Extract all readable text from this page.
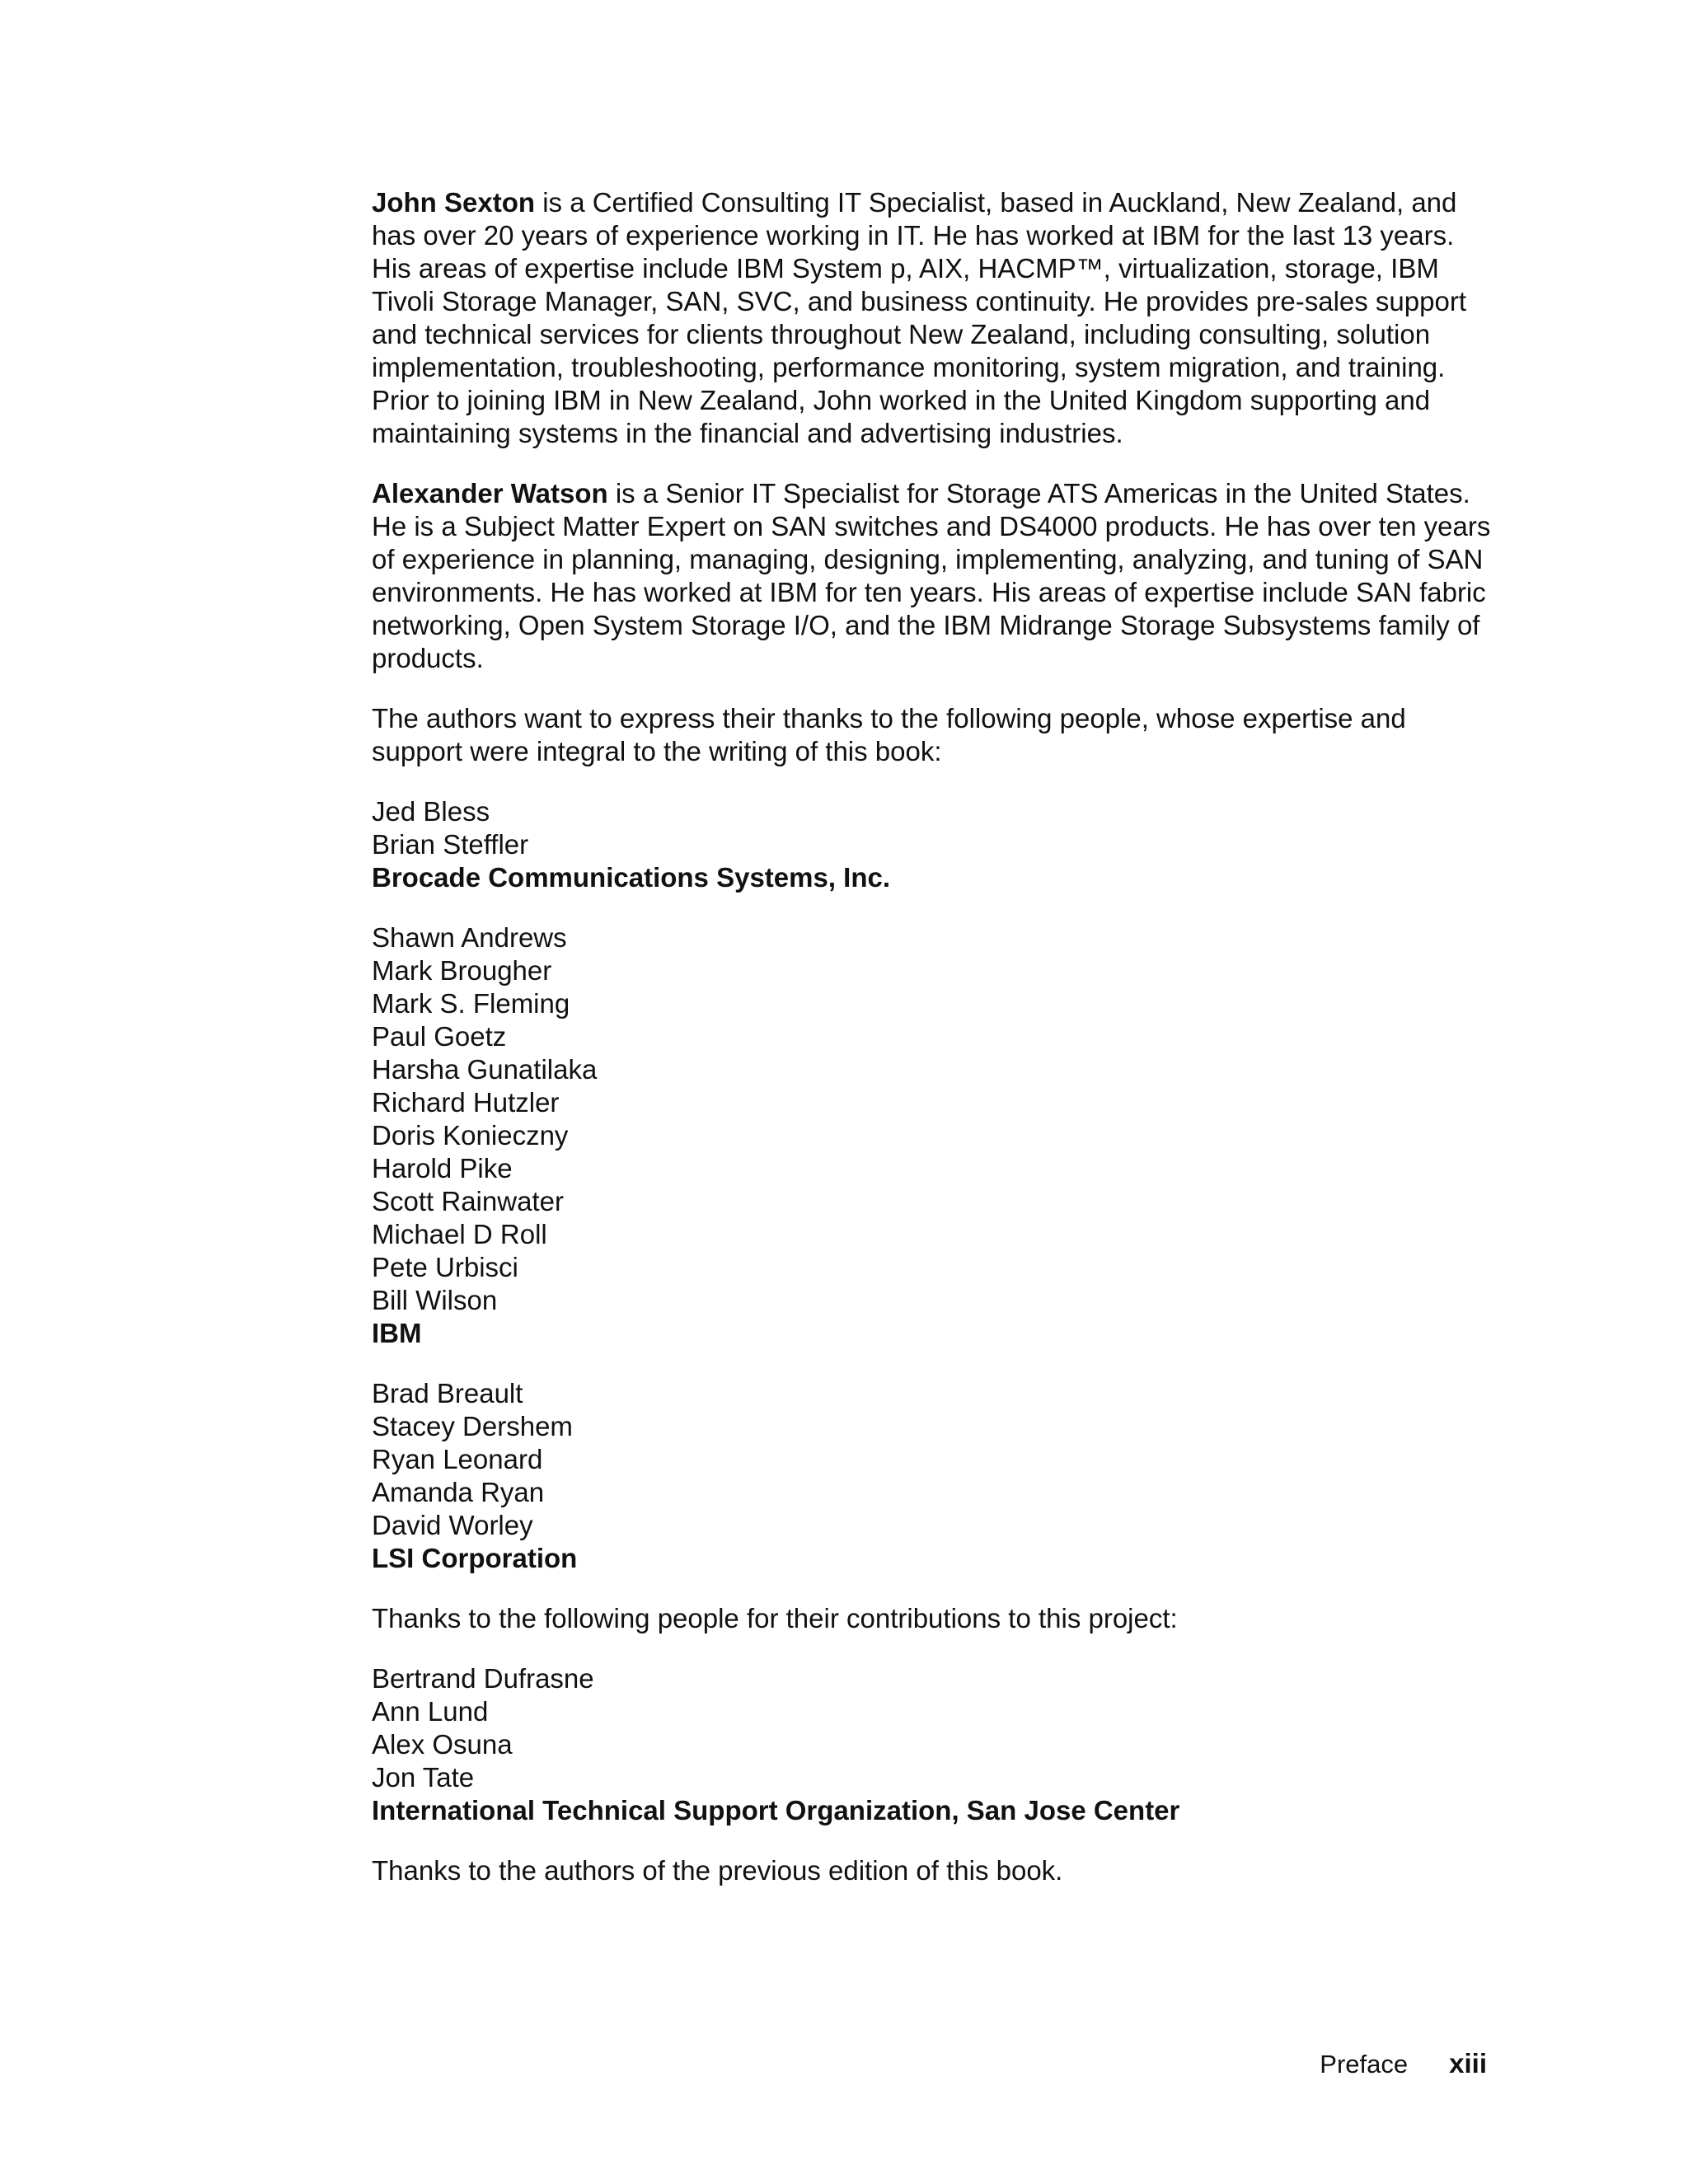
John Sexton is a Certified Consulting IT Specialist, based in Auckland, New Zealand, and has over 20 years of experience working in IT. He has worked at IBM for the last 13 years. His areas of expertise include IBM System p, AIX, HACMP™, virtualization, storage, IBM Tivoli Storage Manager, SAN, SVC, and business continuity. He provides pre-sales support and technical services for clients throughout New Zealand, including consulting, solution implementation, troubleshooting, performance monitoring, system migration, and training. Prior to joining IBM in New Zealand, John worked in the United Kingdom supporting and maintaining systems in the financial and advertising industries.

Alexander Watson is a Senior IT Specialist for Storage ATS Americas in the United States. He is a Subject Matter Expert on SAN switches and DS4000 products. He has over ten years of experience in planning, managing, designing, implementing, analyzing, and tuning of SAN environments. He has worked at IBM for ten years. His areas of expertise include SAN fabric networking, Open System Storage I/O, and the IBM Midrange Storage Subsystems family of products.

The authors want to express their thanks to the following people, whose expertise and support were integral to the writing of this book:

Jed Bless
Brian Steffler
Brocade Communications Systems, Inc.
Shawn Andrews
Mark Brougher
Mark S. Fleming
Paul Goetz
Harsha Gunatilaka
Richard Hutzler
Doris Konieczny
Harold Pike
Scott Rainwater
Michael D Roll
Pete Urbisci
Bill Wilson
IBM
Brad Breault
Stacey Dershem
Ryan Leonard
Amanda Ryan
David Worley
LSI Corporation

Thanks to the following people for their contributions to this project:

Bertrand Dufrasne
Ann Lund
Alex Osuna
Jon Tate
International Technical Support Organization, San Jose Center

Thanks to the authors of the previous edition of this book.

Preface xiii
